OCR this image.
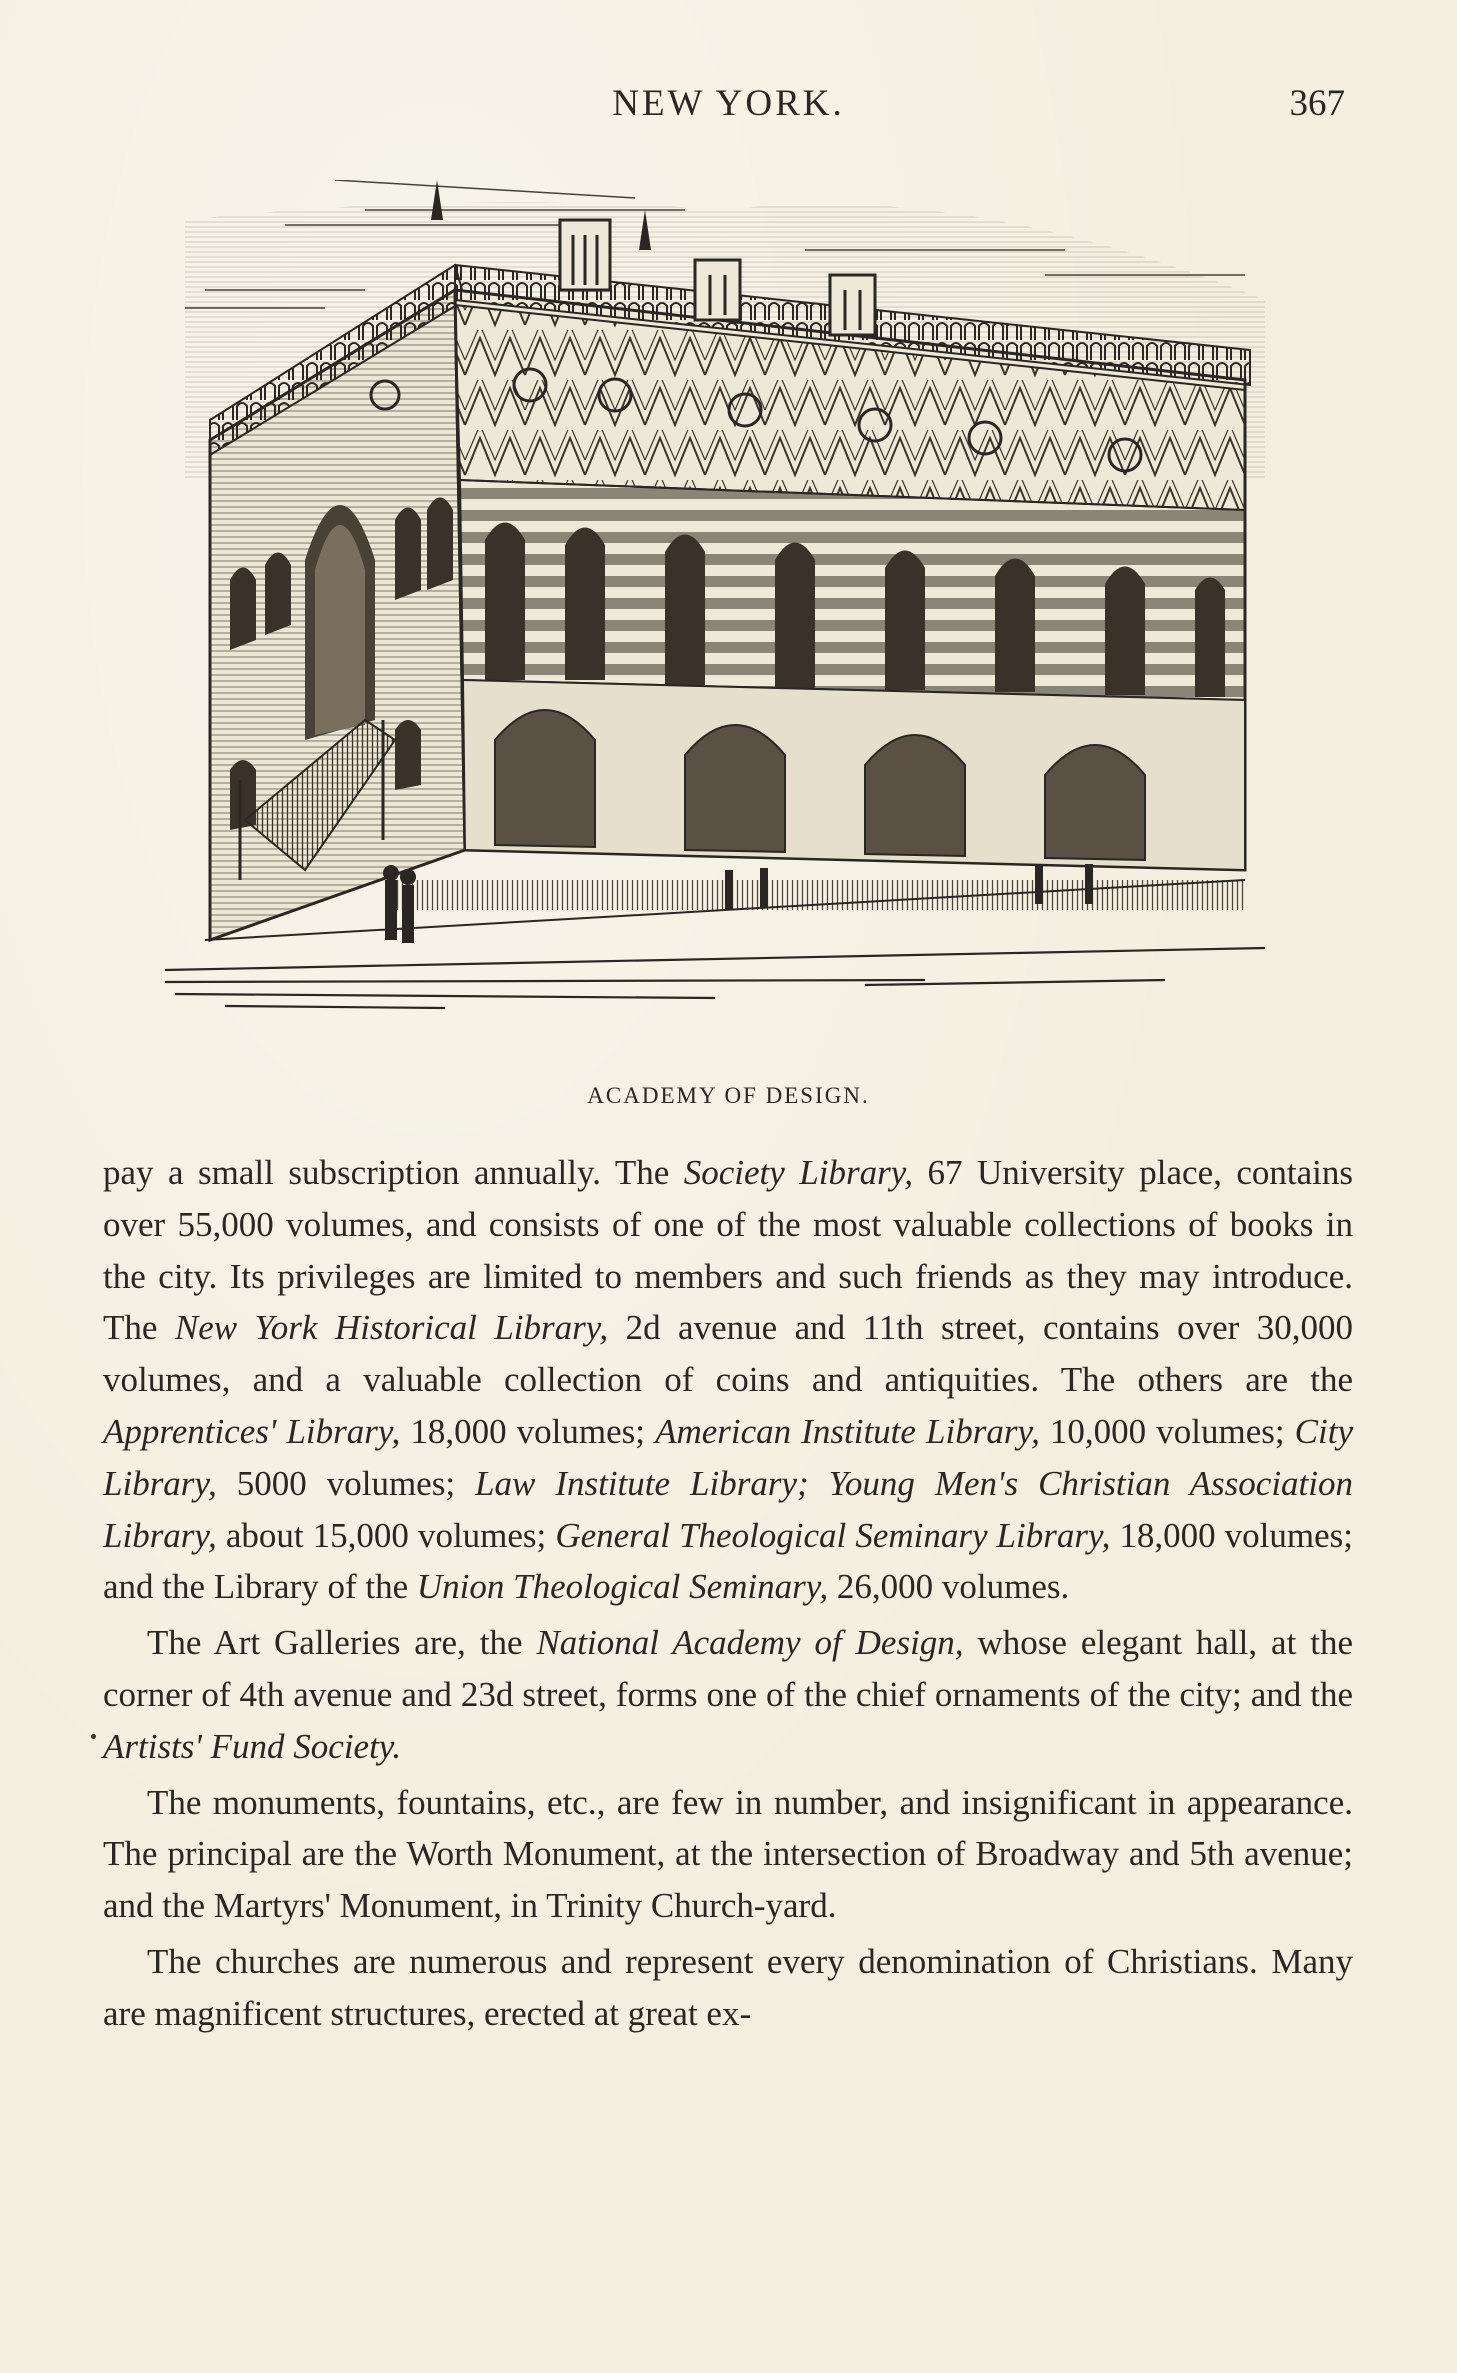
NEW YORK.	367
ACADEMY OF DESIGN.

pay a small subscription annually. The Society Library, 67 University place, contains over 55,000 volumes, and consists of one of the most valuable collections of books in the city. Its privileges are limited to members and such friends as they may introduce. The New York Historical Library, 2d avenue and 11th street, contains over 30,000 volumes, and a valuable collection of coins and antiquities. The others are the Apprentices' Library, 18,000 volumes; American Institute Library, 10,000 volumes; City Library, 5000 volumes; Law Institute Library; Young Men's Christian Association Library, about 15,000 volumes; General Theological Seminary Library, 18,000 volumes; and the Library of the Union Theological Seminary, 26,000 volumes.

The Art Galleries are, the National Academy of Design, whose elegant hall, at the corner of 4th avenue and 23d street, forms one of the chief ornaments of the city; and the Artists' Fund Society.

The monuments, fountains, etc., are few in number, and insignificant in appearance. The principal are the Worth Monument, at the intersection of Broadway and 5th avenue; and the Martyrs' Monument, in Trinity Church-yard.

The churches are numerous and represent every denomination of Christians. Many are magnificent structures, erected at great ex-
